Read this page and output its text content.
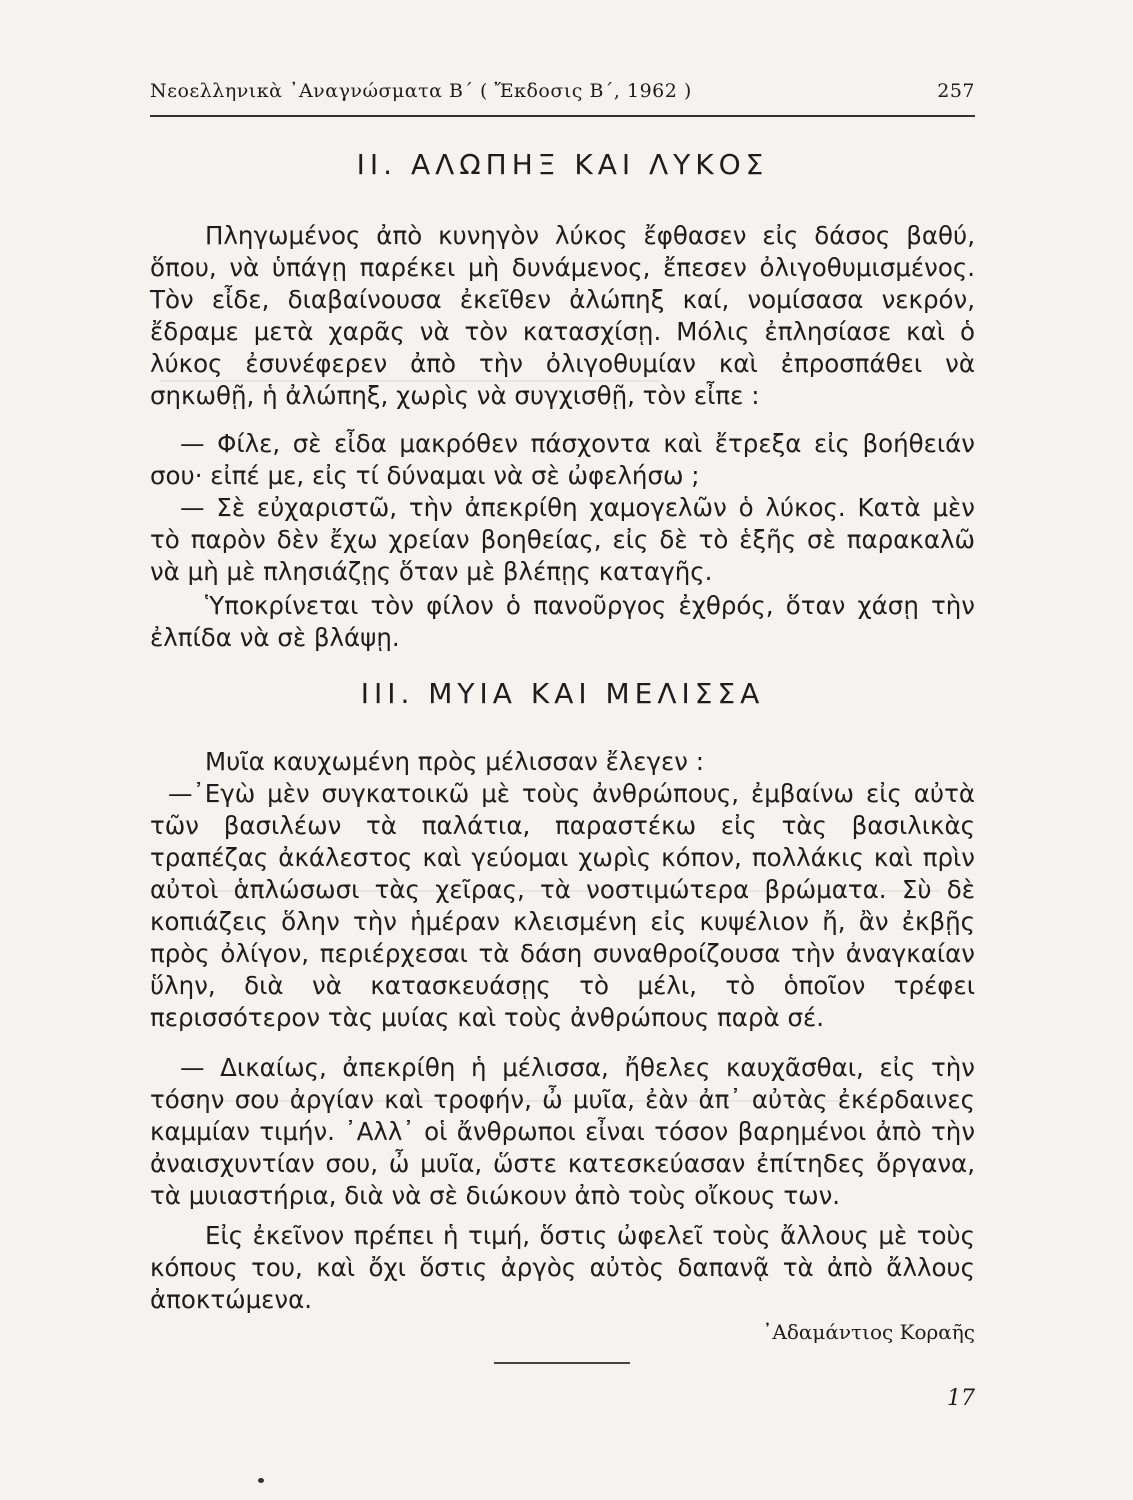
Νεοελληνικὰ ᾿Αναγνώσματα Β΄ ( Ἔκδοσις Β΄, 1962 )	257
II. ΑΛΩΠΗΞ ΚΑΙ ΛΥΚΟΣ

Πληγωμένος ἀπὸ κυνηγὸν λύκος ἔφθασεν εἰς δάσος βαθύ, ὅπου, νὰ ὑπάγῃ παρέκει μὴ δυνάμενος, ἔπεσεν ὀλιγοθυμισμένος. Τὸν εἶδε, διαβαίνουσα ἐκεῖθεν ἀλώπηξ καί, νομίσασα νεκρόν, ἔδραμε μετὰ χαρᾶς νὰ τὸν κατασχίσῃ. Μόλις ἐπλησίασε καὶ ὁ λύκος ἐσυνέφερεν ἀπὸ τὴν ὀλιγοθυμίαν καὶ ἐπροσπάθει νὰ σηκωθῇ, ἡ ἀλώπηξ, χωρὶς νὰ συγχισθῇ, τὸν εἶπε :

— Φίλε, σὲ εἶδα μακρόθεν πάσχοντα καὶ ἔτρεξα εἰς βοήθειάν σου· εἰπέ με, εἰς τί δύναμαι νὰ σὲ ὠφελήσω ;

— Σὲ εὐχαριστῶ, τὴν ἀπεκρίθη χαμογελῶν ὁ λύκος. Κατὰ μὲν τὸ παρὸν δὲν ἔχω χρείαν βοηθείας, εἰς δὲ τὸ ἑξῆς σὲ παρακαλῶ νὰ μὴ μὲ πλησιάζῃς ὅταν μὲ βλέπῃς καταγῆς.

Ὑποκρίνεται τὸν φίλον ὁ πανοῦργος ἐχθρός, ὅταν χάσῃ τὴν ἐλπίδα νὰ σὲ βλάψῃ.

III. ΜΥΙΑ ΚΑΙ ΜΕΛΙΣΣΑ

Μυῖα καυχωμένη πρὸς μέλισσαν ἔλεγεν :

—᾿Εγὼ μὲν συγκατοικῶ μὲ τοὺς ἀνθρώπους, ἐμβαίνω εἰς αὐτὰ τῶν βασιλέων τὰ παλάτια, παραστέκω εἰς τὰς βασιλικὰς τραπέζας ἀκάλεστος καὶ γεύομαι χωρὶς κόπον, πολλάκις καὶ πρὶν αὐτοὶ ἁπλώσωσι τὰς χεῖρας, τὰ νοστιμώτερα βρώματα. Σὺ δὲ κοπιάζεις ὅλην τὴν ἡμέραν κλεισμένη εἰς κυψέλιον ἤ, ἂν ἐκβῇς πρὸς ὀλίγον, περιέρχεσαι τὰ δάση συναθροίζουσα τὴν ἀναγκαίαν ὕλην, διὰ νὰ κατασκευάσῃς τὸ μέλι, τὸ ὁποῖον τρέφει περισσότερον τὰς μυίας καὶ τοὺς ἀνθρώπους παρὰ σέ.

— Δικαίως, ἀπεκρίθη ἡ μέλισσα, ἤθελες καυχᾶσθαι, εἰς τὴν τόσην σου ἀργίαν καὶ τροφήν, ὦ μυῖα, ἐὰν ἀπ᾿ αὐτὰς ἐκέρδαινες καμμίαν τιμήν. ᾿Αλλ᾿ οἱ ἄνθρωποι εἶναι τόσον βαρημένοι ἀπὸ τὴν ἀναισχυντίαν σου, ὦ μυῖα, ὥστε κατεσκεύασαν ἐπίτηδες ὄργανα, τὰ μυιαστήρια, διὰ νὰ σὲ διώκουν ἀπὸ τοὺς οἴκους των.

Εἰς ἐκεῖνον πρέπει ἡ τιμή, ὅστις ὠφελεῖ τοὺς ἄλλους μὲ τοὺς κόπους του, καὶ ὄχι ὅστις ἀργὸς αὐτὸς δαπανᾷ τὰ ἀπὸ ἄλλους ἀποκτώμενα.

᾿Αδαμάντιος Κοραῆς
17
